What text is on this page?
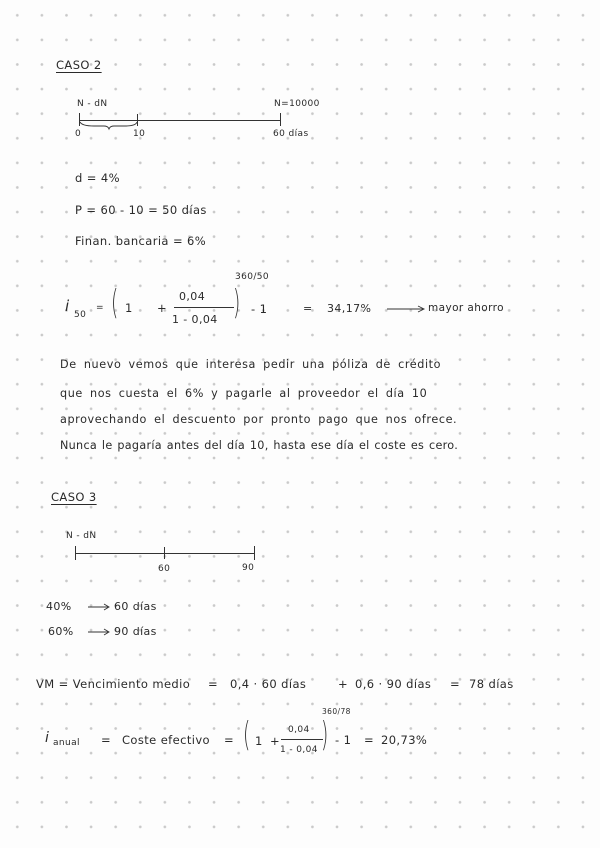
CASO 2
N - dN	N=10000
0	10	60 días
d = 4%
P = 60 - 10 = 50 días
Finan. bancaria = 6%
i 50
= ( 1 +
0,04
1 - 0,04 )
360/50
- 1	= 34,17%	mayor ahorro
De nuevo vemos que interesa pedir una póliza de crédito
que nos cuesta el 6% y pagarle al proveedor el día 10
aprovechando el descuento por pronto pago que nos ofrece.
Nunca le pagaría antes del día 10, hasta ese día el coste es cero.
CASO 3
N - dN
60	90
40%	60 días
60%	90 días
VM = Vencimiento medio = 0,4 · 60 días	+ 0,6 · 90 días = 78 días
i anual = Coste efectivo = ( 1 +
0,04
1 - 0,04 )
360/78
- 1 = 20,73%
